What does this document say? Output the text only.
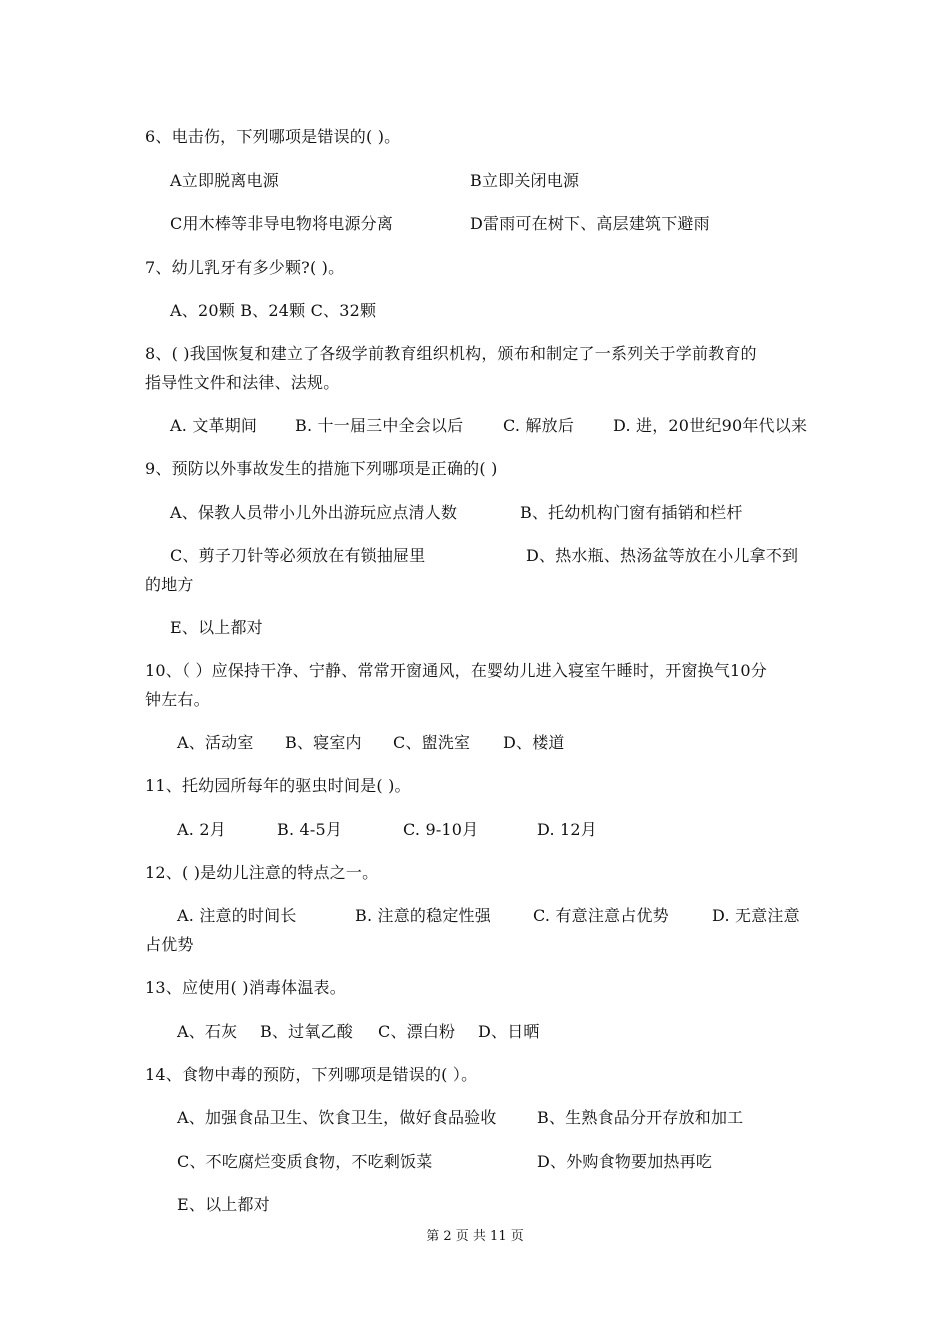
6、电击伤，下列哪项是错误的( )。
A立即脱离电源	B立即关闭电源
C用木棒等非导电物将电源分离	D雷雨可在树下、高层建筑下避雨
7、幼儿乳牙有多少颗?( )。
A、20颗 B、24颗 C、32颗
8、( )我国恢复和建立了各级学前教育组织机构，颁布和制定了一系列关于学前教育的
指导性文件和法律、法规。
A. 文革期间 B. 十一届三中全会以后 C. 解放后 D. 进，20世纪90年代以来
9、预防以外事故发生的措施下列哪项是正确的( )
A、保教人员带小儿外出游玩应点清人数	B、托幼机构门窗有插销和栏杆
C、剪子刀针等必须放在有锁抽屉里	D、热水瓶、热汤盆等放在小儿拿不到
的地方
E、以上都对
10、（ ）应保持干净、宁静、常常开窗通风，在婴幼儿进入寝室午睡时，开窗换气10分
钟左右。
A、活动室 B、寝室内 C、盥洗室 D、楼道
11、托幼园所每年的驱虫时间是( )。
A. 2月	B. 4-5月	C. 9-10月	D. 12月
12、( )是幼儿注意的特点之一。
A. 注意的时间长	B. 注意的稳定性强	C. 有意注意占优势	D. 无意注意
占优势
13、应使用( )消毒体温表。
A、石灰 B、过氧乙酸 C、漂白粉 D、日晒
14、食物中毒的预防，下列哪项是错误的( ）。
A、加强食品卫生、饮食卫生，做好食品验收	B、生熟食品分开存放和加工
C、不吃腐烂变质食物，不吃剩饭菜	D、外购食物要加热再吃
E、以上都对
第 2 页 共 11 页
